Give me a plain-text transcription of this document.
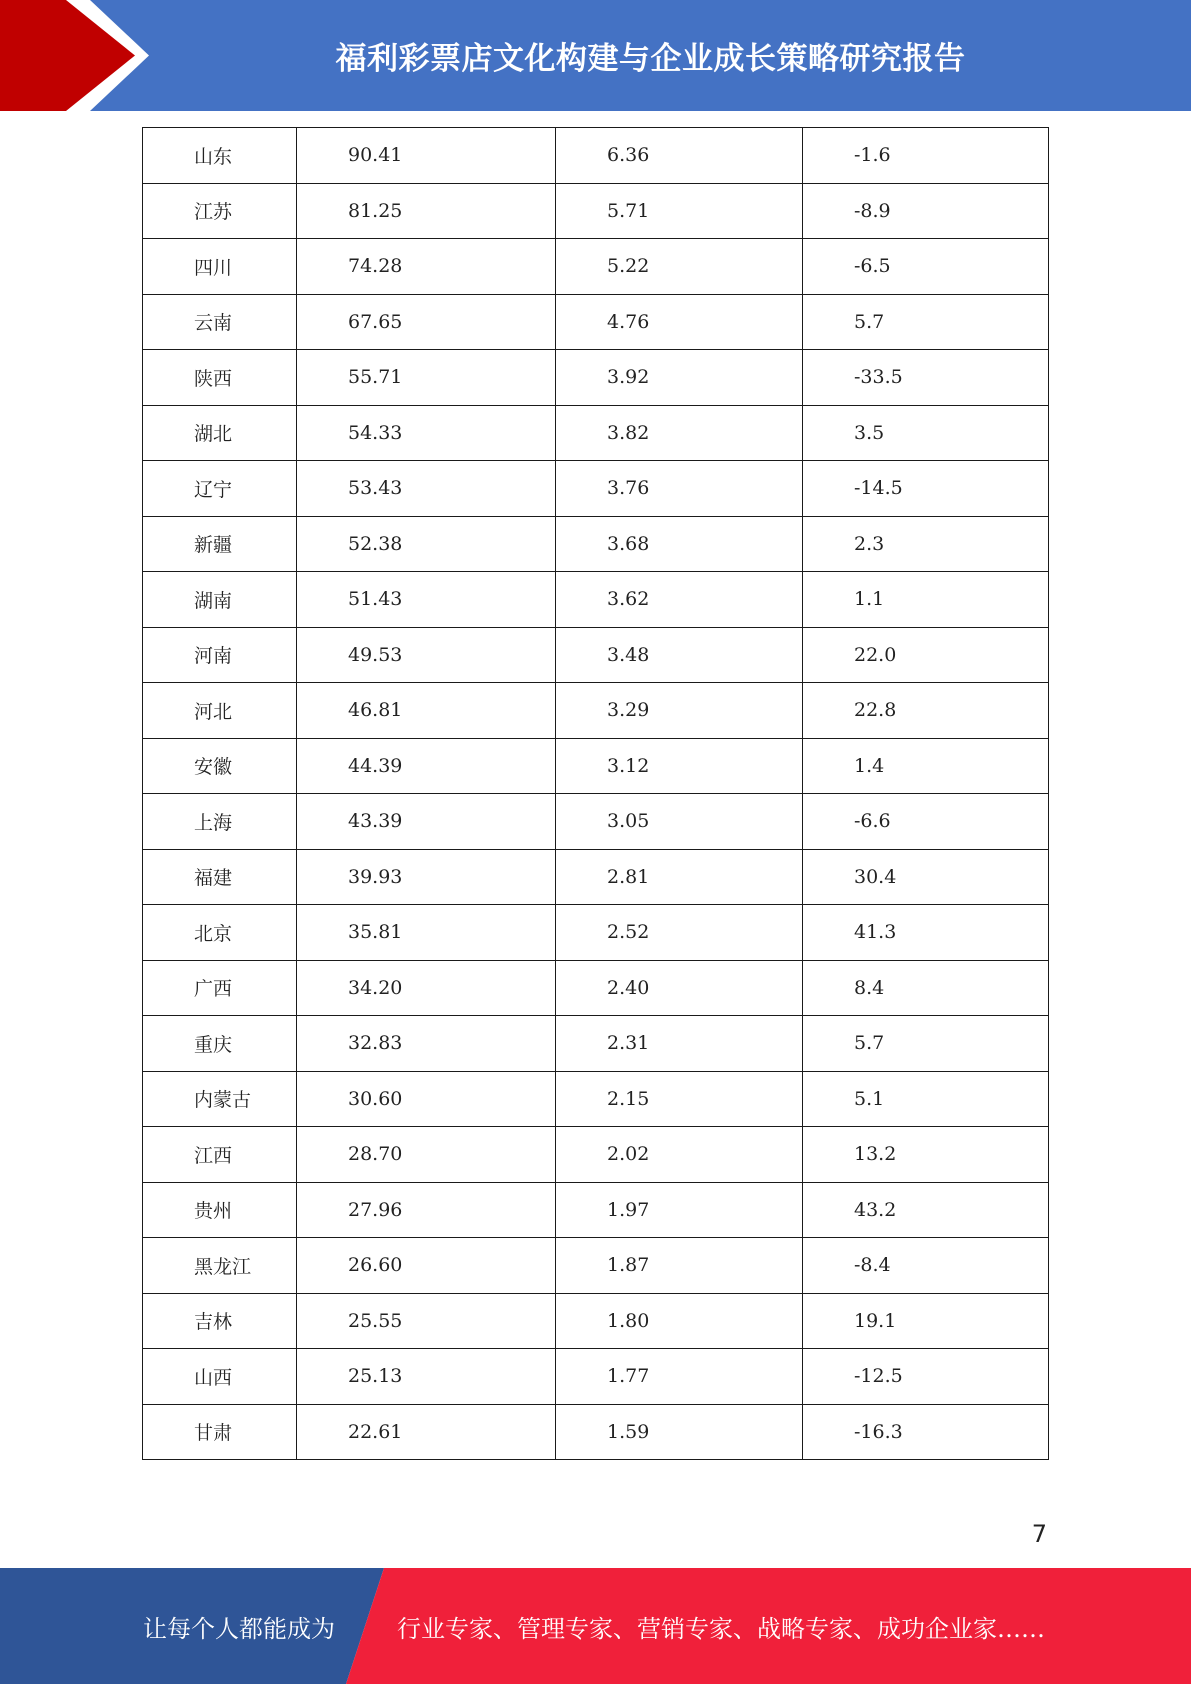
福利彩票店文化构建与企业成长策略研究报告
山东	90.41	6.36	-1.6
江苏	81.25	5.71	-8.9
四川	74.28	5.22	-6.5
云南	67.65	4.76	5.7
陕西	55.71	3.92	-33.5
湖北	54.33	3.82	3.5
辽宁	53.43	3.76	-14.5
新疆	52.38	3.68	2.3
湖南	51.43	3.62	1.1
河南	49.53	3.48	22.0
河北	46.81	3.29	22.8
安徽	44.39	3.12	1.4
上海	43.39	3.05	-6.6
福建	39.93	2.81	30.4
北京	35.81	2.52	41.3
广西	34.20	2.40	8.4
重庆	32.83	2.31	5.7
内蒙古	30.60	2.15	5.1
江西	28.70	2.02	13.2
贵州	27.96	1.97	43.2
黑龙江	26.60	1.87	-8.4
吉林	25.55	1.80	19.1
山西	25.13	1.77	-12.5
甘肃	22.61	1.59	-16.3
7
让每个人都能成为	行业专家、管理专家、营销专家、战略专家、成功企业家……
